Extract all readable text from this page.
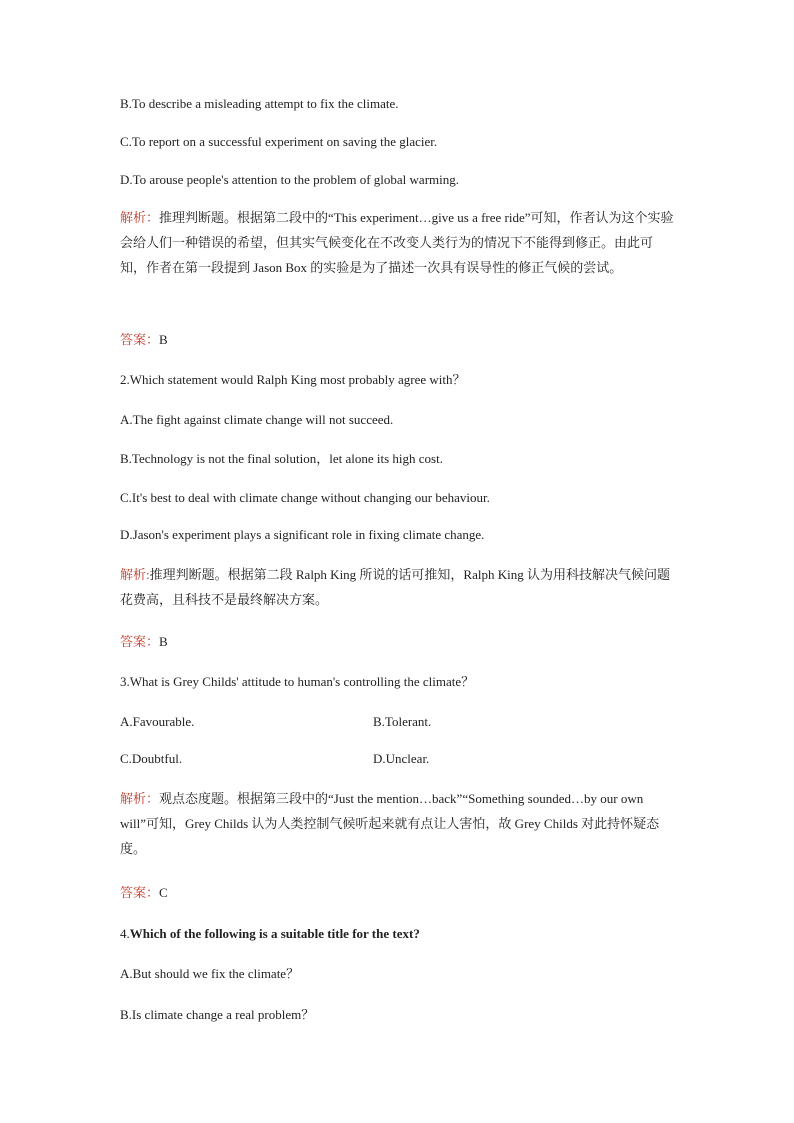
B.To describe a misleading attempt to fix the climate.
C.To report on a successful experiment on saving the glacier.
D.To arouse people's attention to the problem of global warming.
解析：推理判断题。根据第二段中的“This experiment…give us a free ride”可知，作者认为这个实验会给人们一种错误的希望，但其实气候变化在不改变人类行为的情况下不能得到修正。由此可知，作者在第一段提到 Jason Box 的实验是为了描述一次具有误导性的修正气候的尝试。
答案：B
2.Which statement would Ralph King most probably agree with？
A.The fight against climate change will not succeed.
B.Technology is not the final solution，let alone its high cost.
C.It's best to deal with climate change without changing our behaviour.
D.Jason's experiment plays a significant role in fixing climate change.
解析:推理判断题。根据第二段 Ralph King 所说的话可推知，Ralph King 认为用科技解决气候问题花费高，且科技不是最终解决方案。
答案：B
3.What is Grey Childs' attitude to human's controlling the climate？
A.Favourable.	B.Tolerant.
C.Doubtful.	D.Unclear.
解析：观点态度题。根据第三段中的“Just the mention…back”“Something sounded…by our own will”可知，Grey Childs 认为人类控制气候听起来就有点让人害怕，故 Grey Childs 对此持怀疑态度。
答案：C
4.Which of the following is a suitable title for the text?
A.But should we fix the climate？
B.Is climate change a real problem？
